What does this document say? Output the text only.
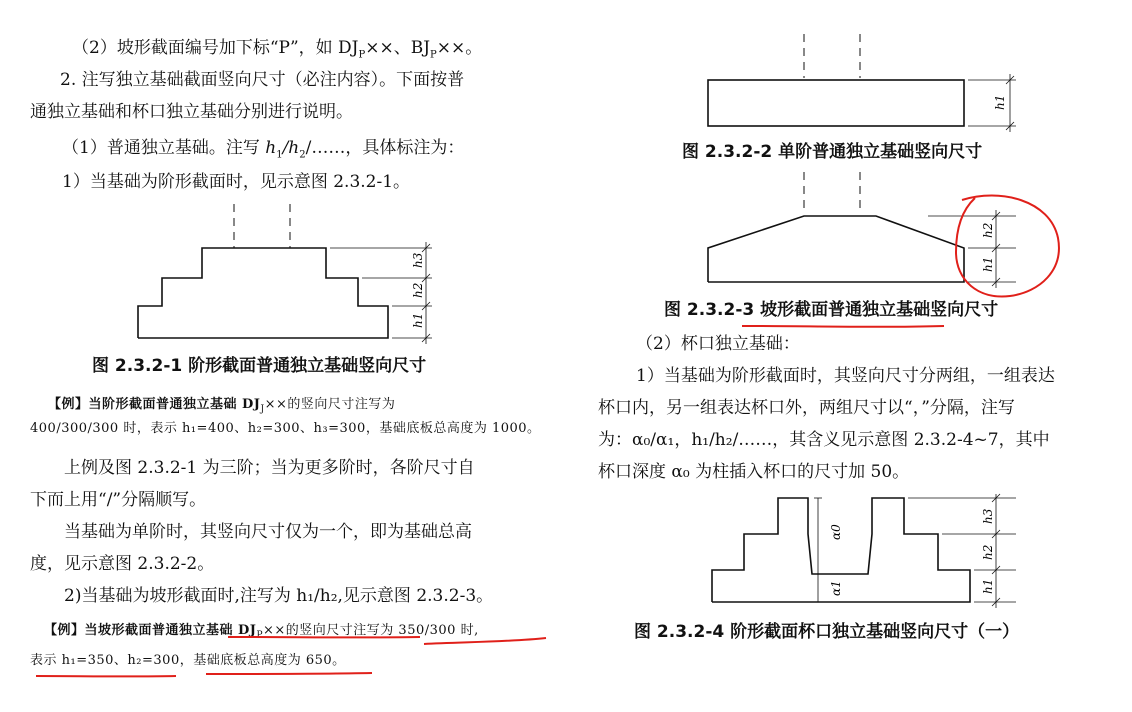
（2）坡形截面编号加下标“P”，如 $DJ_P\times\times$、$BJ_P\times\times$。
2. 注写独立基础截面竖向尺寸（必注内容）。下面按普
通独立基础和杯口独立基础分别进行说明。
（1）普通独立基础。注写 $h_1/h_2/\dots\dots$，具体标注为：
1）当基础为阶形截面时，见示意图 2.3.2-1。
h3
h2
h1
图 2.3.2-1 阶形截面普通独立基础竖向尺寸
【例】当阶形截面普通独立基础 $DJ_J\times\times$的竖向尺寸注写为
400/300/300 时，表示 h₁=400、h₂=300、h₃=300，基础底板总高度为 1000。
上例及图 2.3.2-1 为三阶；当为更多阶时，各阶尺寸自
下而上用“/”分隔顺写。
当基础为单阶时，其竖向尺寸仅为一个，即为基础总高
度，见示意图 2.3.2-2。
2)当基础为坡形截面时,注写为 h₁/h₂,见示意图 2.3.2-3。
【例】当坡形截面普通独立基础 $DJ_P\times\times$的竖向尺寸注写为 350/300 时,
表示 h₁=350、h₂=300，基础底板总高度为 650。
h1
图 2.3.2-2 单阶普通独立基础竖向尺寸
h2
h1
图 2.3.2-3 坡形截面普通独立基础竖向尺寸
（2）杯口独立基础：
1）当基础为阶形截面时，其竖向尺寸分两组，一组表达
杯口内，另一组表达杯口外，两组尺寸以“，”分隔，注写
为：α₀/α₁，h₁/h₂/……，其含义见示意图 2.3.2-4~7，其中
杯口深度 α₀ 为柱插入杯口的尺寸加 50。
α0
α1
h3
h2
h1
图 2.3.2-4 阶形截面杯口独立基础竖向尺寸（一）
